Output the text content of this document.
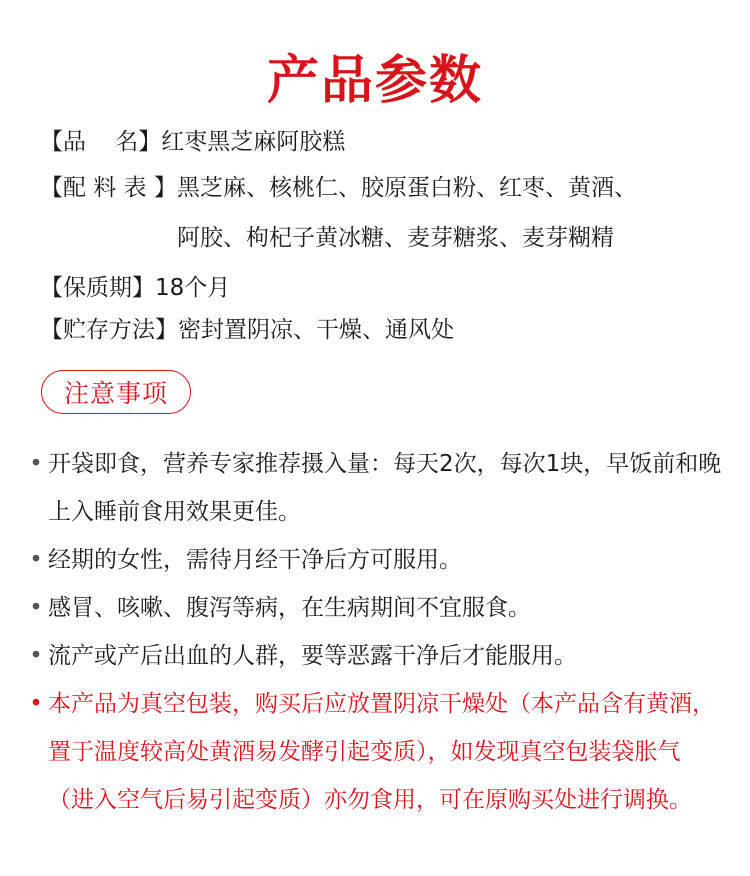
产品参数
【品    名】 红枣黑芝麻阿胶糕
【配 料 表 】 黑芝麻、核桃仁、胶原蛋白粉、红枣、黄酒、
阿胶、枸杞子黄冰糖、麦芽糖浆、麦芽糊精
【保质期】 18个月
【贮存方法】 密封置阴凉、干燥、通风处
注意事项
• 开袋即食，营养专家推荐摄入量：每天2次，每次1块，早饭前和晚上入睡前食用效果更佳。
• 经期的女性，需待月经干净后方可服用。
• 感冒、咳嗽、腹泻等病，在生病期间不宜服食。
• 流产或产后出血的人群，要等恶露干净后才能服用。
• 本产品为真空包装，购买后应放置阴凉干燥处（本产品含有黄酒，置于温度较高处黄酒易发酵引起变质），如发现真空包装袋胀气（进入空气后易引起变质）亦勿食用，可在原购买处进行调换。
